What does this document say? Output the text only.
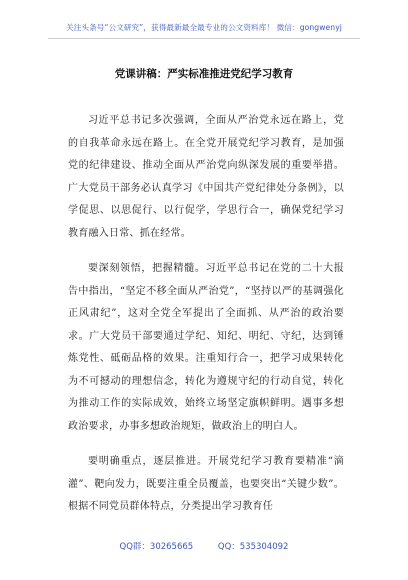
关注头条号“公文研究”，获得最新最全最专业的公文资料库！ 微信：gongwenyj
党课讲稿：严实标准推进党纪学习教育

习近平总书记多次强调，全面从严治党永远在路上，党的自我革命永远在路上。在全党开展党纪学习教育，是加强党的纪律建设、推动全面从严治党向纵深发展的重要举措。广大党员干部务必认真学习《中国共产党纪律处分条例》，以学促思、以思促行、以行促学，学思行合一，确保党纪学习教育融入日常、抓在经常。

要深刻领悟，把握精髓。习近平总书记在党的二十大报告中指出，“坚定不移全面从严治党”，“坚持以严的基调强化正风肃纪”，这对全党全军提出了全面抓、从严治的政治要求。广大党员干部要通过学纪、知纪、明纪、守纪，达到锤炼党性、砥砺品格的效果。注重知行合一，把学习成果转化为不可撼动的理想信念，转化为遵规守纪的行动自觉，转化为推动工作的实际成效，始终立场坚定旗帜鲜明。遇事多想政治要求，办事多想政治规矩，做政治上的明白人。

要明确重点，逐层推进。开展党纪学习教育要精准“滴灌”、靶向发力，既要注重全员覆盖，也要突出“关键少数”。根据不同党员群体特点，分类提出学习教育任

QQ群：30265665	QQ：535304092
